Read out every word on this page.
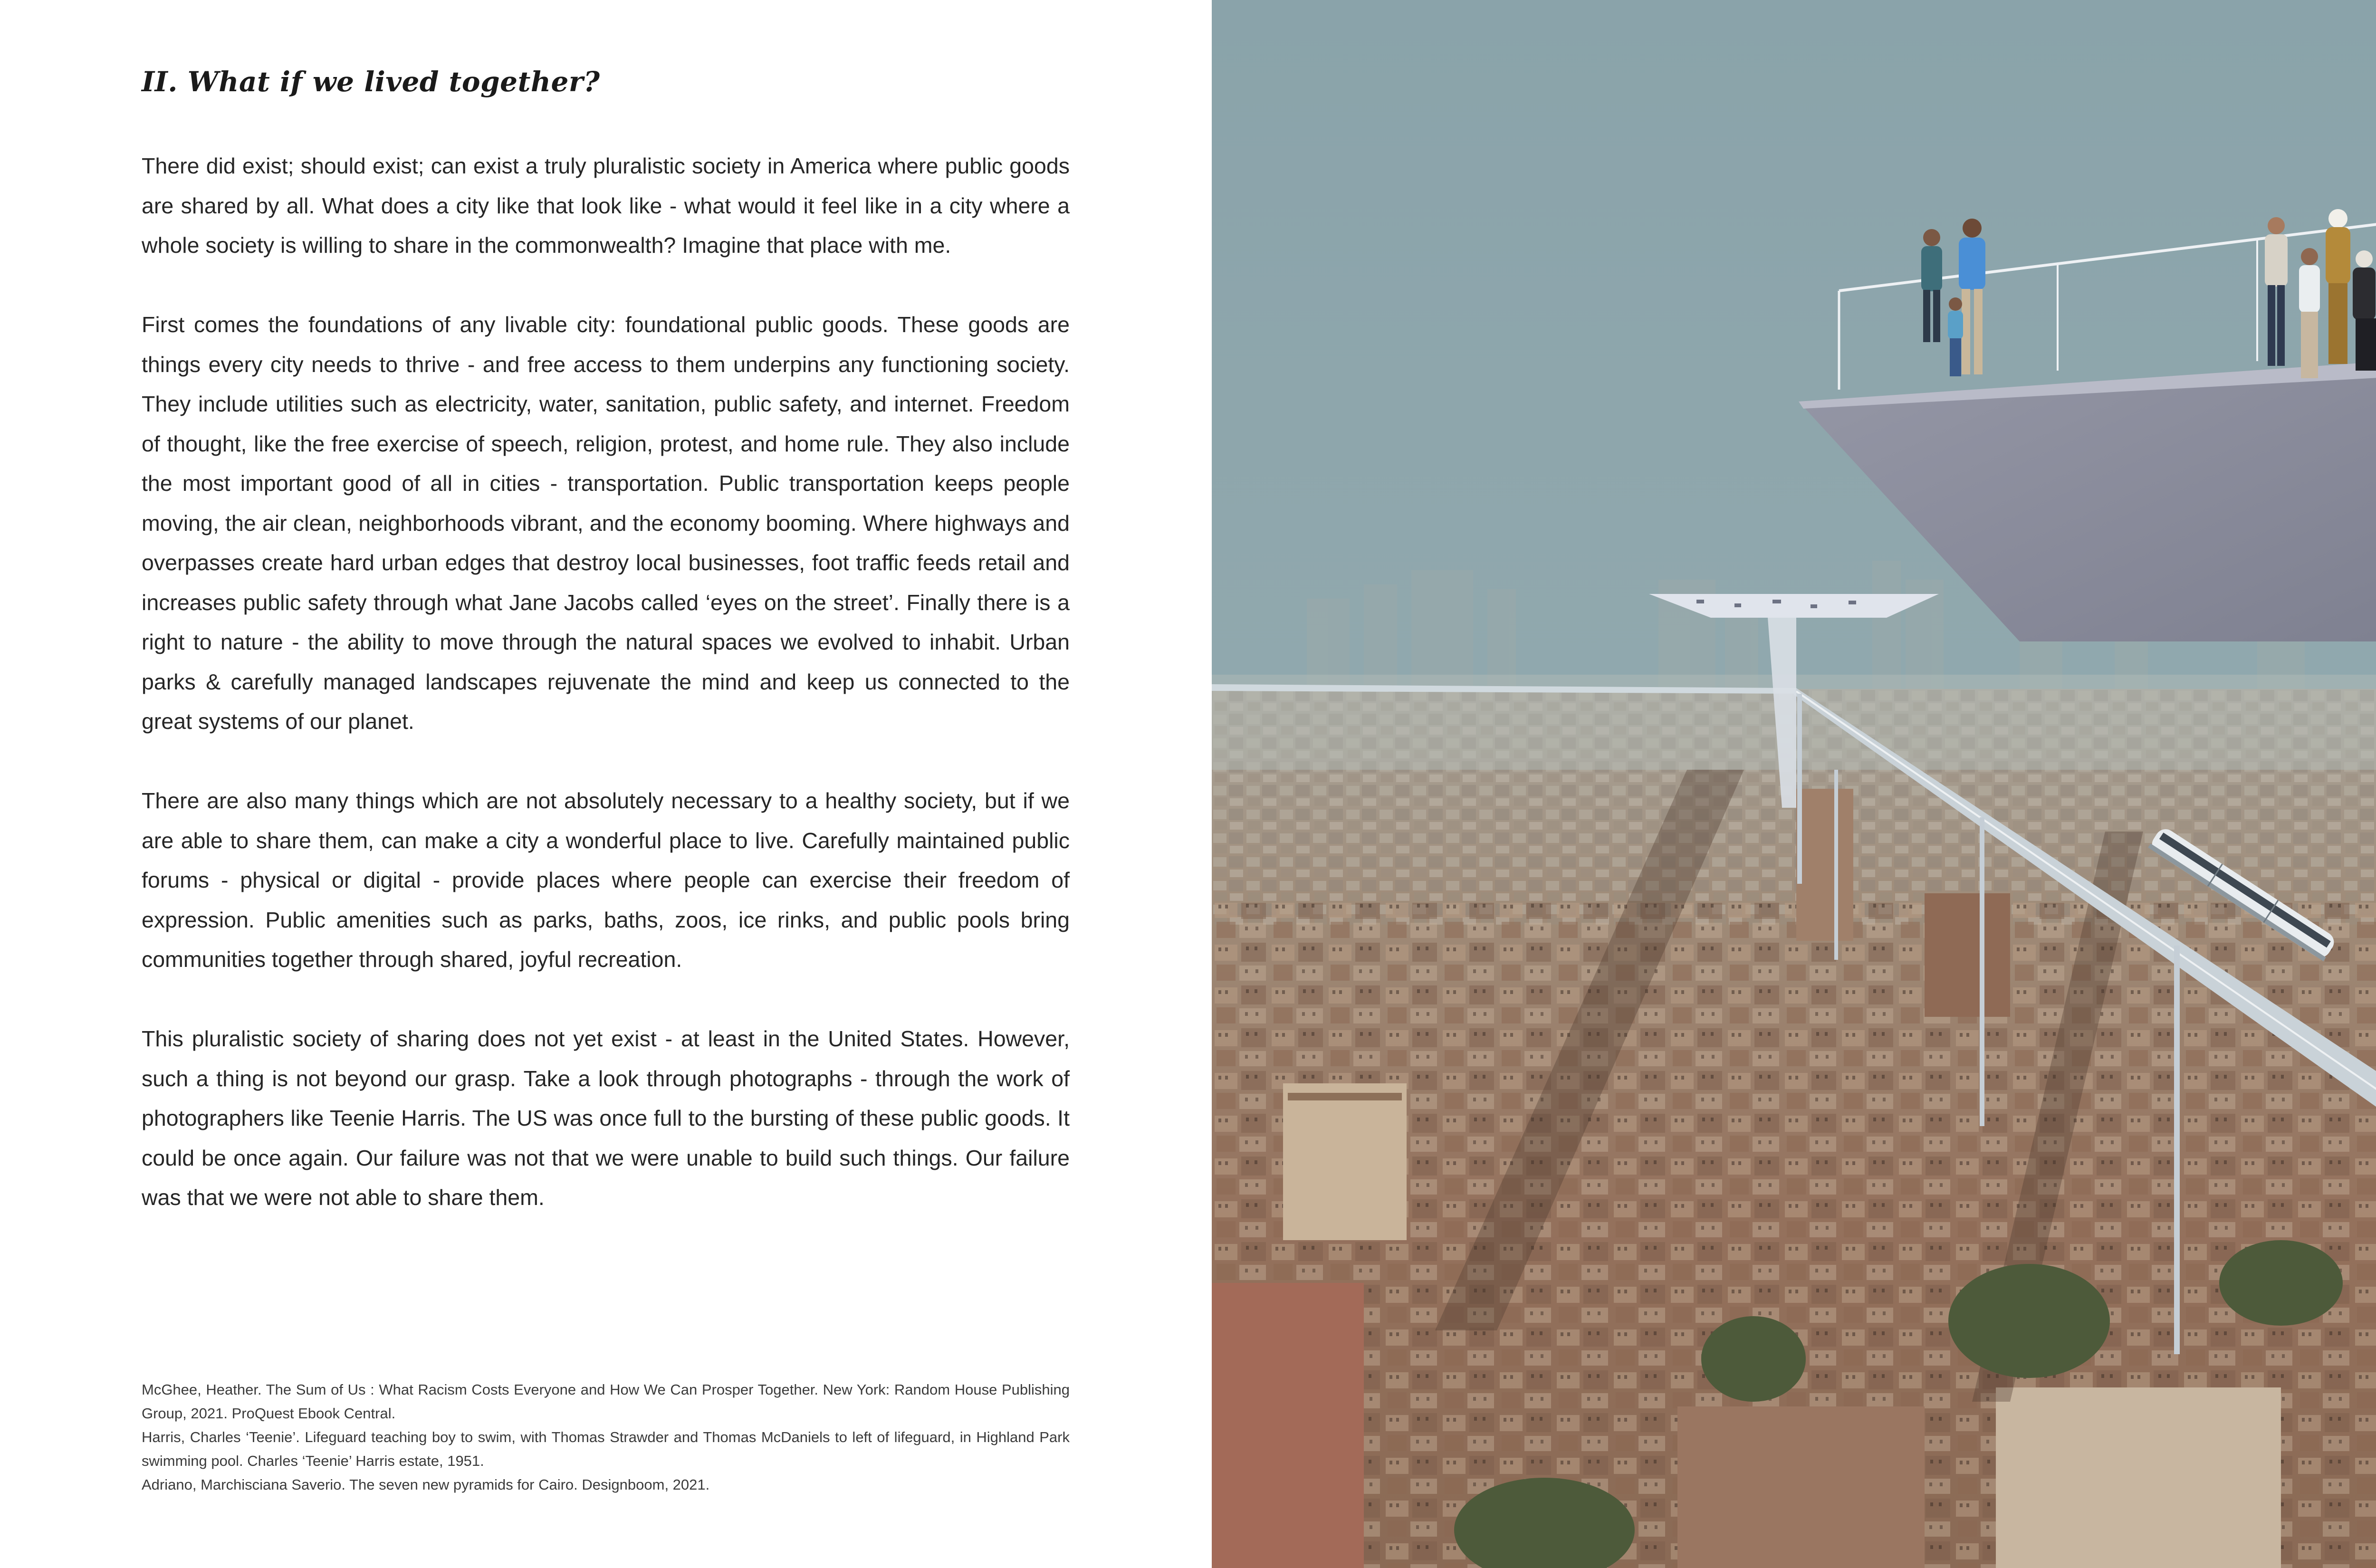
II. What if we lived together?

There did exist; should exist; can exist a truly pluralistic society in America where public goods are shared by all. What does a city like that look like - what would it feel like in a city where a whole society is willing to share in the commonwealth? Imagine that place with me.

First comes the foundations of any livable city: foundational public goods. These goods are things every city needs to thrive - and free access to them underpins any functioning society. They include utilities such as electricity, water, sanitation, public safety, and internet. Freedom of thought, like the free exercise of speech, religion, protest, and home rule. They also include the most important good of all in cities - transportation. Public transportation keeps people moving, the air clean, neighborhoods vibrant, and the economy booming. Where highways and overpasses create hard urban edges that destroy local businesses, foot traffic feeds retail and increases public safety through what Jane Jacobs called ‘eyes on the street’. Finally there is a right to nature - the ability to move through the natural spaces we evolved to inhabit. Urban parks & carefully managed landscapes rejuvenate the mind and keep us connected to the great systems of our planet.

There are also many things which are not absolutely necessary to a healthy society, but if we are able to share them, can make a city a wonderful place to live. Carefully maintained public forums - physical or digital - provide places where people can exercise their freedom of expression. Public amenities such as parks, baths, zoos, ice rinks, and public pools bring communities together through shared, joyful recreation.

This pluralistic society of sharing does not yet exist - at least in the United States. However, such a thing is not beyond our grasp. Take a look through photographs - through the work of photographers like Teenie Harris. The US was once full to the bursting of these public goods. It could be once again. Our failure was not that we were unable to build such things. Our failure was that we were not able to share them.

McGhee, Heather. The Sum of Us : What Racism Costs Everyone and How We Can Prosper Together. New York: Random House Publishing Group, 2021. ProQuest Ebook Central.

Harris, Charles ‘Teenie’. Lifeguard teaching boy to swim, with Thomas Strawder and Thomas McDaniels to left of lifeguard, in Highland Park swimming pool. Charles ‘Teenie’ Harris estate, 1951.

Adriano, Marchisciana Saverio. The seven new pyramids for Cairo. Designboom, 2021.
